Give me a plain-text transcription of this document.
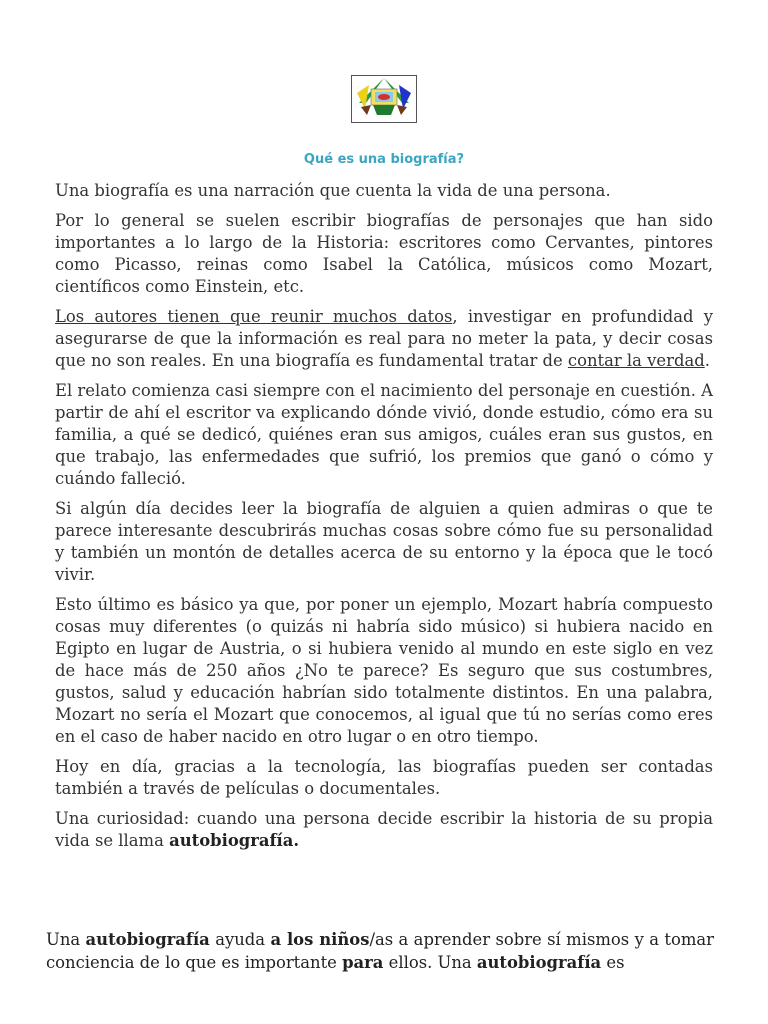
Qué es una biografía?

Una biografía es una narración que cuenta la vida de una persona.

Por lo general se suelen escribir biografías de personajes que han sido importantes a lo largo de la Historia: escritores como Cervantes, pintores como Picasso, reinas como Isabel la Católica, músicos como Mozart, científicos como Einstein, etc.

Los autores tienen que reunir muchos datos, investigar en profundidad y asegurarse de que la información es real para no meter la pata, y decir cosas que no son reales. En una biografía es fundamental tratar de contar la verdad.

El relato comienza casi siempre con el nacimiento del personaje en cuestión. A partir de ahí el escritor va explicando dónde vivió, donde estudio, cómo era su familia, a qué se dedicó, quiénes eran sus amigos, cuáles eran sus gustos, en que trabajo, las enfermedades que sufrió, los premios que ganó o cómo y cuándo falleció.

Si algún día decides leer la biografía de alguien a quien admiras o que te parece interesante descubrirás muchas cosas sobre cómo fue su personalidad y también un montón de detalles acerca de su entorno y la época que le tocó vivir.

Esto último es básico ya que, por poner un ejemplo, Mozart habría compuesto cosas muy diferentes (o quizás ni habría sido músico) si hubiera nacido en Egipto en lugar de Austria, o si hubiera venido al mundo en este siglo en vez de hace más de 250 años ¿No te parece? Es seguro que sus costumbres, gustos, salud y educación habrían sido totalmente distintos. En una palabra, Mozart no sería el Mozart que conocemos, al igual que tú no serías como eres en el caso de haber nacido en otro lugar o en otro tiempo.

Hoy en día, gracias a la tecnología, las biografías pueden ser contadas también a través de películas o documentales.

Una curiosidad: cuando una persona decide escribir la historia de su propia vida se llama autobiografía.

Una autobiografía ayuda a los niños/as a aprender sobre sí mismos y a tomar conciencia de lo que es importante para ellos. Una autobiografía es
